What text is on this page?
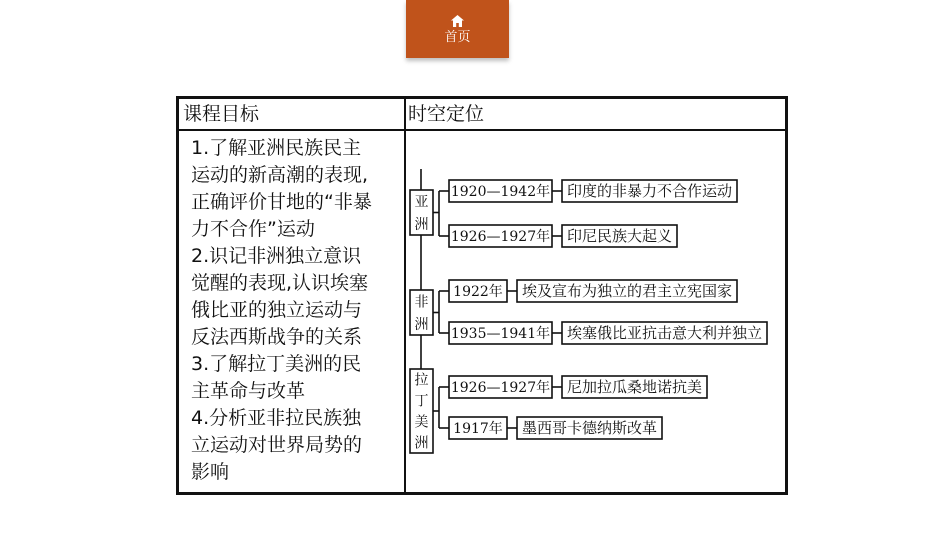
首页
课程目标	时空定位
1.了解亚洲民族民主
运动的新高潮的表现,
正确评价甘地的“非暴
力不合作”运动
2.识记非洲独立意识
觉醒的表现,认识埃塞
俄比亚的独立运动与
反法西斯战争的关系
3.了解拉丁美洲的民
主革命与改革
4.分析亚非拉民族独
立运动对世界局势的
影响
亚
洲
1920—1942年 印度的非暴力不合作运动
1926—1927年 印尼民族大起义
非
洲
1922年 埃及宣布为独立的君主立宪国家
1935—1941年 埃塞俄比亚抗击意大利并独立
拉
丁
美
洲
1926—1927年 尼加拉瓜桑地诺抗美
1917年 墨西哥卡德纳斯改革
